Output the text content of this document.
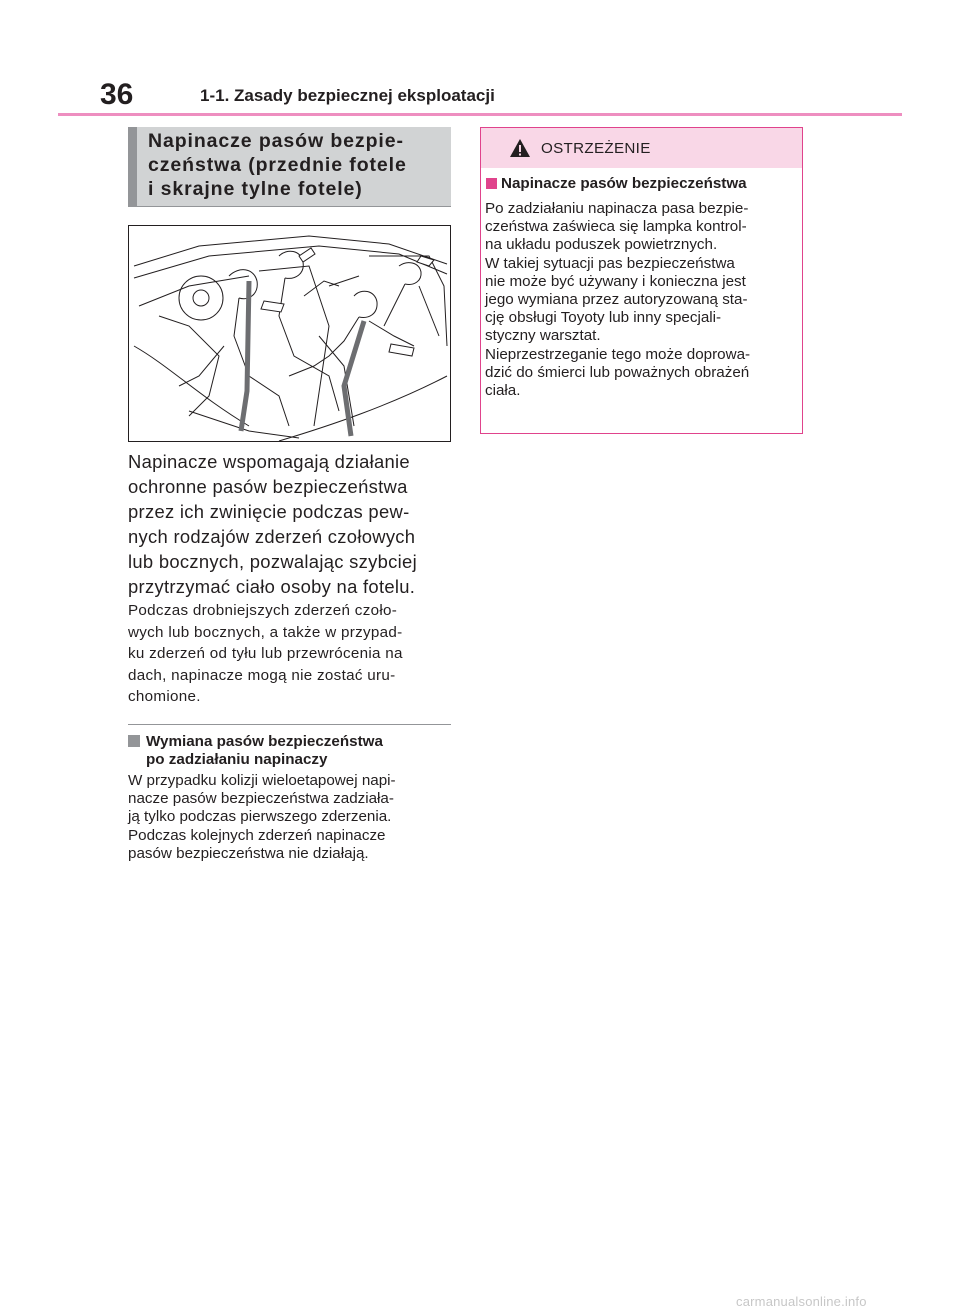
36	1-1. Zasady bezpiecznej eksploatacji
Napinacze pasów bezpie-
czeństwa (przednie fotele
i skrajne tylne fotele)
Napinacze wspomagają działanie
ochronne pasów bezpieczeństwa
przez ich zwinięcie podczas pew-
nych rodzajów zderzeń czołowych
lub bocznych, pozwalając szybciej
przytrzymać ciało osoby na fotelu.
Podczas drobniejszych zderzeń czoło-
wych lub bocznych, a także w przypad-
ku zderzeń od tyłu lub przewrócenia na
dach, napinacze mogą nie zostać uru-
chomione.
Wymiana pasów bezpieczeństwa
po zadziałaniu napinaczy
W przypadku kolizji wieloetapowej napi-
nacze pasów bezpieczeństwa zadziała-
ją tylko podczas pierwszego zderzenia.
Podczas kolejnych zderzeń napinacze
pasów bezpieczeństwa nie działają.
OSTRZEŻENIE
Napinacze pasów bezpieczeństwa
Po zadziałaniu napinacza pasa bezpie-
czeństwa zaświeca się lampka kontrol-
na układu poduszek powietrznych.
W takiej sytuacji pas bezpieczeństwa
nie może być używany i konieczna jest
jego wymiana przez autoryzowaną sta-
cję obsługi Toyoty lub inny specjali-
styczny warsztat.
Nieprzestrzeganie tego może doprowa-
dzić do śmierci lub poważnych obrażeń
ciała.
carmanualsonline.info
